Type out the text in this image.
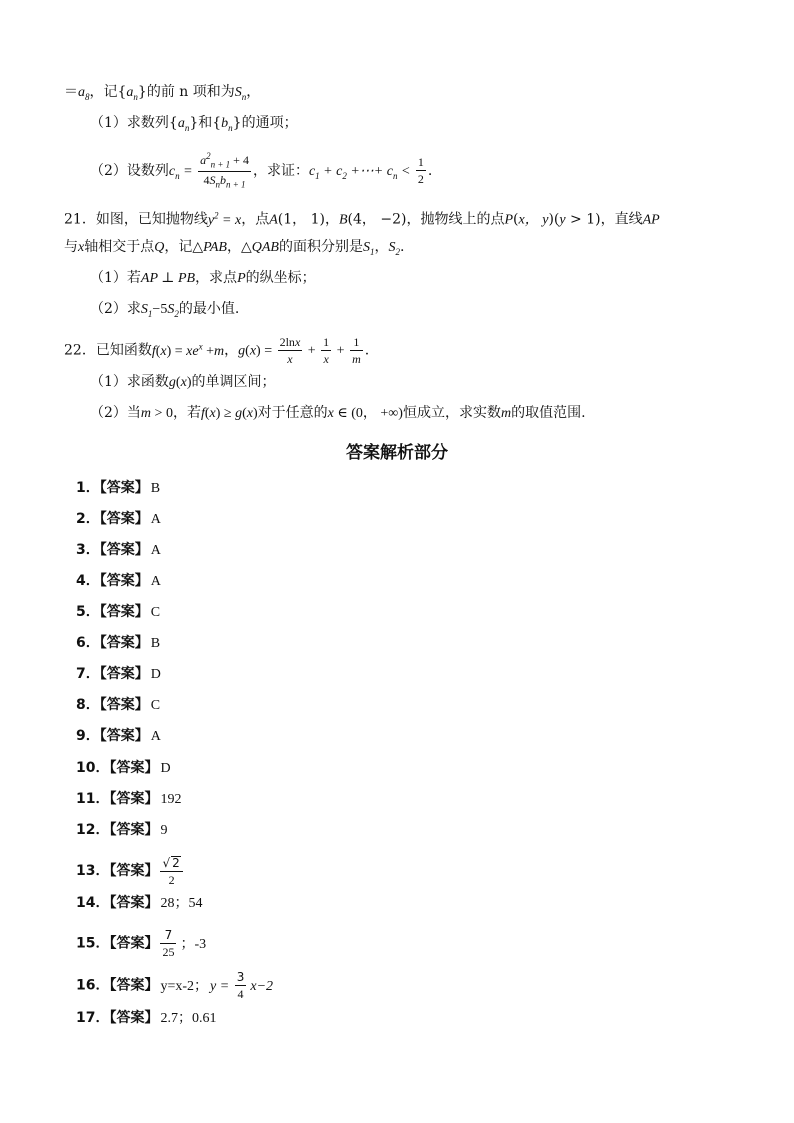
$=a_8$，记$\{a_n\}$的前 n 项和为$S_n$，
（1）求数列$\{a_n\}$和$\{b_n\}$的通项；
（2）设数列$c_n = \frac{a^2_{n + 1} + 4}{4S_nb_{n + 1}}$ ，求证：$c_1 + c_2$ +⋯+ $c_n < \frac{1}{2}$ .
21．如图，已知抛物线$y^2 = x$，点A(1， 1)，B(4， −2)，抛物线上的点P(x， y)(y > 1)，直线AP
与x轴相交于点Q，记△PAB，△QAB的面积分别是$S_1$，$S_2$.
（1）若AP ⊥ PB，求点P的纵坐标；
（2）求$S_1-5S_2$的最小值.
22．已知函数$f(x) = xe^x +m$，$g(x) = \frac{2\ln x}{x} + \frac{1}{x} + \frac{1}{m}$ .
（1）求函数g(x)的单调区间；
（2）当m > 0，若f(x) ≥ g(x)对于任意的x ∈ (0， +∞)恒成立，求实数m的取值范围.
答案解析部分
1．【答案】 B
2．【答案】 A
3．【答案】 A
4．【答案】 A
5．【答案】 C
6．【答案】 B
7．【答案】 D
8．【答案】 C
9．【答案】 A
10．【答案】 D
11．【答案】 192
12．【答案】 9
13．【答案】 $\frac{√ 2}{2}$
14．【答案】 28；54
15．【答案】 $\frac{7}{25}$ ；-3
16．【答案】 y=x-2； $y = \frac{3}{4} x-2$
17．【答案】 2.7；0.61
